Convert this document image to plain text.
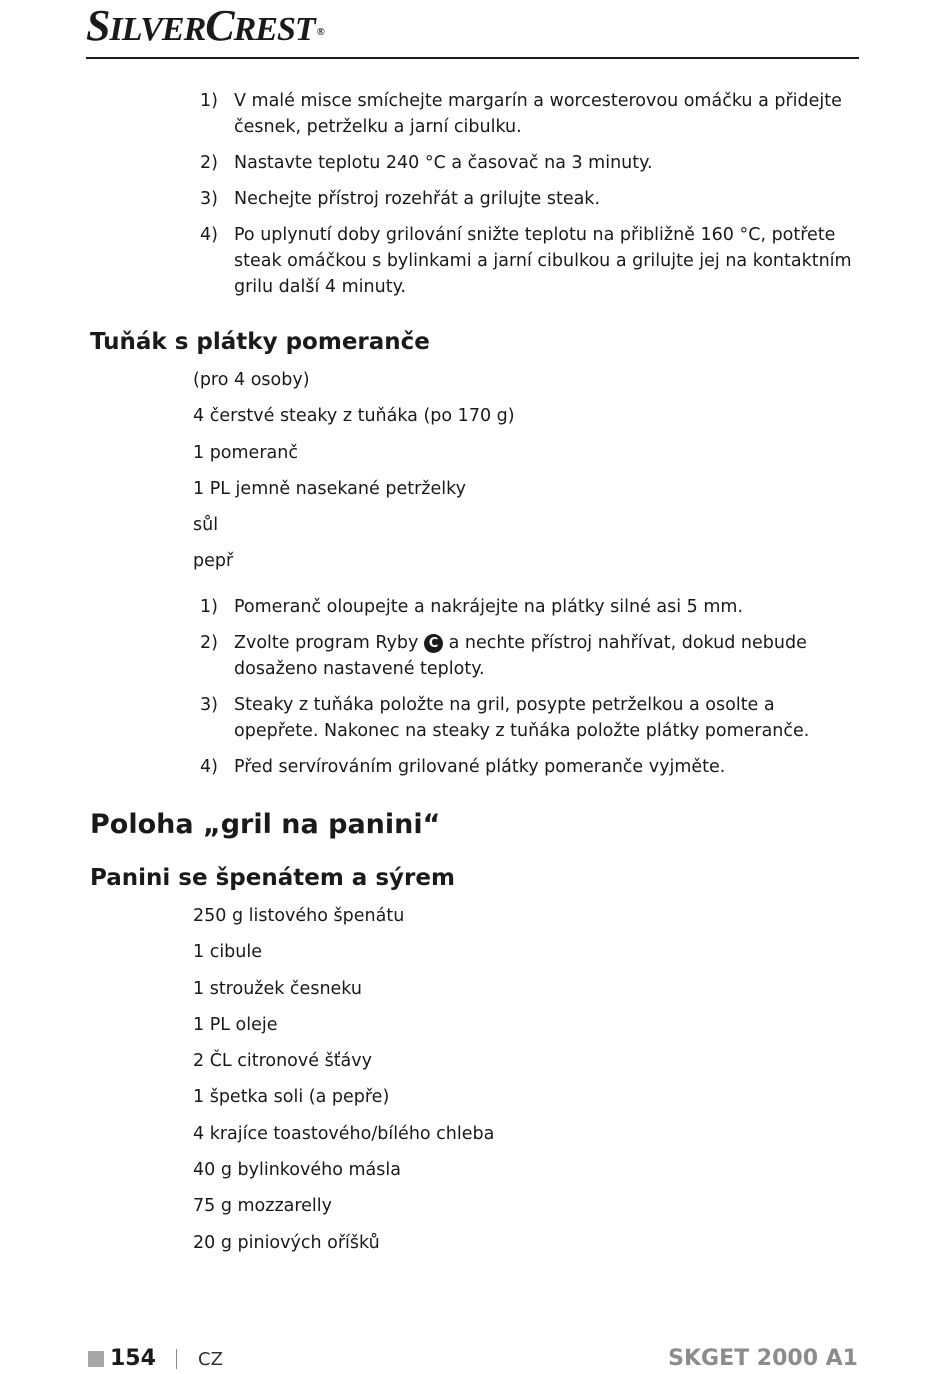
SILVERCREST ®
1) V malé misce smíchejte margarín a worcesterovou omáčku a přidejte česnek, petrželku a jarní cibulku.
2) Nastavte teplotu 240 °C a časovač na 3 minuty.
3) Nechejte přístroj rozehřát a grilujte steak.
4) Po uplynutí doby grilování snižte teplotu na přibližně 160 °C, potřete steak omáčkou s bylinkami a jarní cibulkou a grilujte jej na kontaktním grilu další 4 minuty.
Tuňák s plátky pomeranče
(pro 4 osoby)
4 čerstvé steaky z tuňáka (po 170 g)
1 pomeranč
1 PL jemně nasekané petrželky
sůl
pepř
1) Pomeranč oloupejte a nakrájejte na plátky silné asi 5 mm.
2) Zvolte program Ryby C a nechte přístroj nahřívat, dokud nebude dosaženo nastavené teploty.
3) Steaky z tuňáka položte na gril, posypte petrželkou a osolte a opepřete. Nakonec na steaky z tuňáka položte plátky pomeranče.
4) Před servírováním grilované plátky pomeranče vyjměte.
Poloha „gril na panini“
Panini se špenátem a sýrem
250 g listového špenátu
1 cibule
1 stroužek česneku
1 PL oleje
2 ČL citronové šťávy
1 špetka soli (a pepře)
4 krajíce toastového/bílého chleba
40 g bylinkového másla
75 g mozzarelly
20 g piniových oříšků
154 CZ	SKGET 2000 A1
